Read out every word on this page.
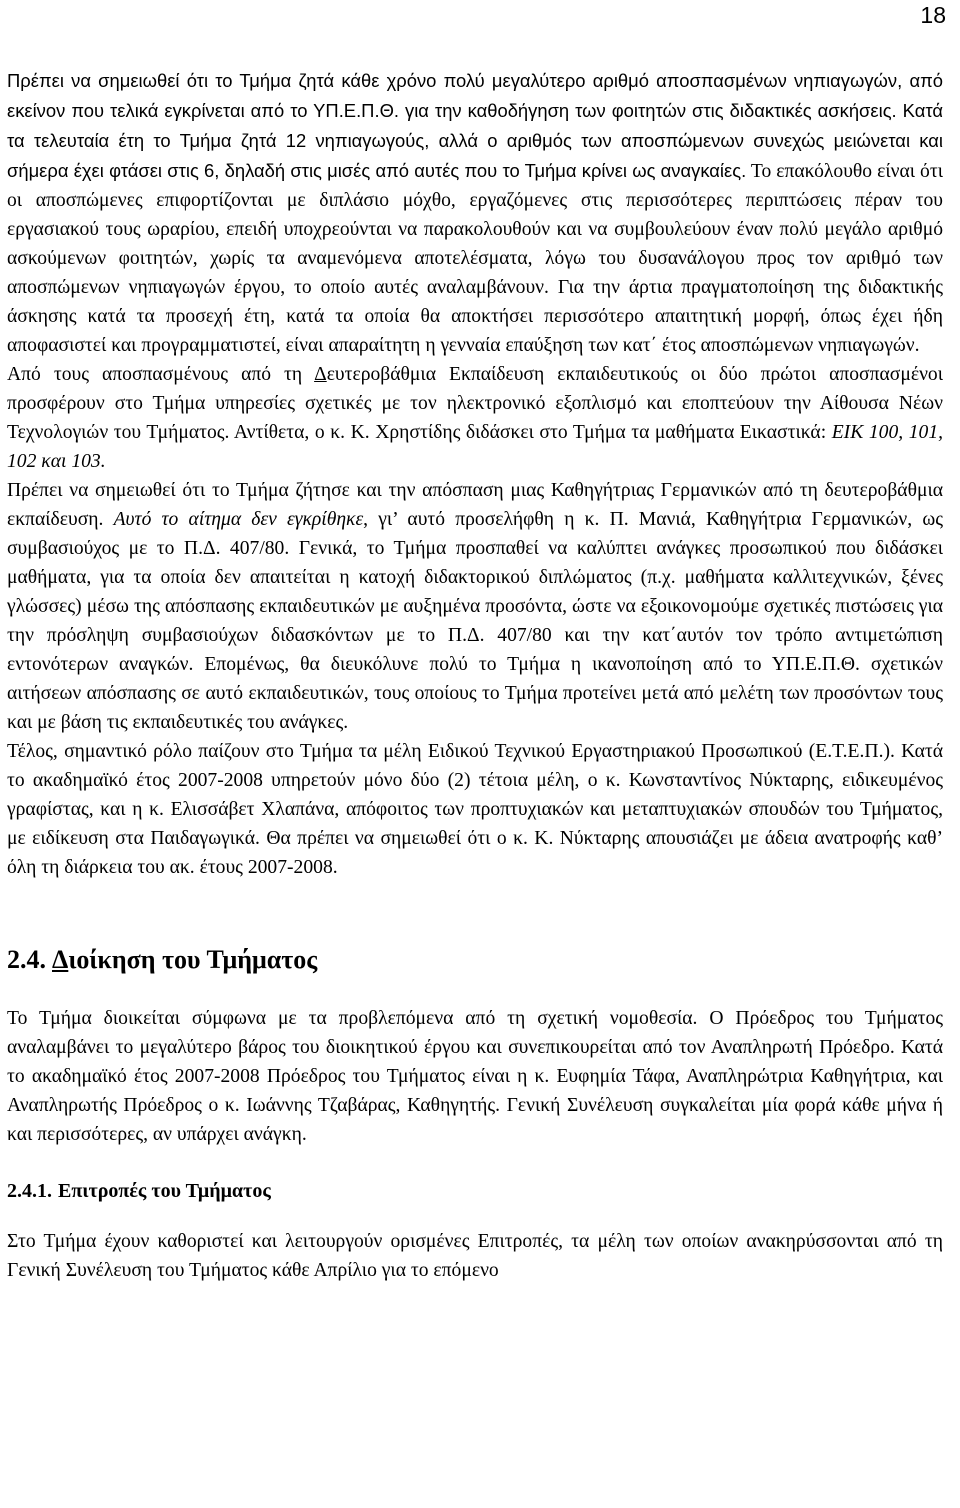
18

Πρέπει να σημειωθεί ότι το Τμήμα ζητά κάθε χρόνο πολύ μεγαλύτερο αριθμό αποσπασμένων νηπιαγωγών, από εκείνον που τελικά εγκρίνεται από το ΥΠ.Ε.Π.Θ. για την καθοδήγηση των φοιτητών στις διδακτικές ασκήσεις. Κατά τα τελευταία έτη το Τμήμα ζητά 12 νηπιαγωγούς, αλλά ο αριθμός των αποσπώμενων συνεχώς μειώνεται και σήμερα έχει φτάσει στις 6, δηλαδή στις μισές από αυτές που το Τμήμα κρίνει ως αναγκαίες. Το επακόλουθο είναι ότι οι αποσπώμενες επιφορτίζονται με διπλάσιο μόχθο, εργαζόμενες στις περισσότερες περιπτώσεις πέραν του εργασιακού τους ωραρίου, επειδή υποχρεούνται να παρακολουθούν και να συμβουλεύουν έναν πολύ μεγάλο αριθμό ασκούμενων φοιτητών, χωρίς τα αναμενόμενα αποτελέσματα, λόγω του δυσανάλογου προς τον αριθμό των αποσπώμενων νηπιαγωγών έργου, το οποίο αυτές αναλαμβάνουν. Για την άρτια πραγματοποίηση της διδακτικής άσκησης κατά τα προσεχή έτη, κατά τα οποία θα αποκτήσει περισσότερο απαιτητική μορφή, όπως έχει ήδη αποφασιστεί και προγραμματιστεί, είναι απαραίτητη η γενναία επαύξηση των κατ΄ έτος αποσπώμενων νηπιαγωγών.

Από τους αποσπασμένους από τη Δευτεροβάθμια Εκπαίδευση εκπαιδευτικούς οι δύο πρώτοι αποσπασμένοι προσφέρουν στο Τμήμα υπηρεσίες σχετικές με τον ηλεκτρονικό εξοπλισμό και εποπτεύουν την Αίθουσα Νέων Τεχνολογιών του Τμήματος. Αντίθετα, ο κ. Κ. Χρηστίδης διδάσκει στο Τμήμα τα μαθήματα Εικαστικά: ΕΙΚ 100, 101, 102 και 103.

Πρέπει να σημειωθεί ότι το Τμήμα ζήτησε και την απόσπαση μιας Καθηγήτριας Γερμανικών από τη δευτεροβάθμια εκπαίδευση. Αυτό το αίτημα δεν εγκρίθηκε, γι’ αυτό προσελήφθη η κ. Π. Μανιά, Καθηγήτρια Γερμανικών, ως συμβασιούχος με το Π.Δ. 407/80. Γενικά, το Τμήμα προσπαθεί να καλύπτει ανάγκες προσωπικού που διδάσκει μαθήματα, για τα οποία δεν απαιτείται η κατοχή διδακτορικού διπλώματος (π.χ. μαθήματα καλλιτεχνικών, ξένες γλώσσες) μέσω της απόσπασης εκπαιδευτικών με αυξημένα προσόντα, ώστε να εξοικονομούμε σχετικές πιστώσεις για την πρόσληψη συμβασιούχων διδασκόντων με το Π.Δ. 407/80 και την κατ΄αυτόν τον τρόπο αντιμετώπιση εντονότερων αναγκών. Επομένως, θα διευκόλυνε πολύ το Τμήμα η ικανοποίηση από το ΥΠ.Ε.Π.Θ. σχετικών αιτήσεων απόσπασης σε αυτό εκπαιδευτικών, τους οποίους το Τμήμα προτείνει μετά από μελέτη των προσόντων τους και με βάση τις εκπαιδευτικές του ανάγκες.

Τέλος, σημαντικό ρόλο παίζουν στο Τμήμα τα μέλη Ειδικού Τεχνικού Εργαστηριακού Προσωπικού (Ε.Τ.Ε.Π.). Κατά το ακαδημαϊκό έτος 2007-2008 υπηρετούν μόνο δύο (2) τέτοια μέλη, ο κ. Κωνσταντίνος Νύκταρης, ειδικευμένος γραφίστας, και η κ. Ελισσάβετ Χλαπάνα, απόφοιτος των προπτυχιακών και μεταπτυχιακών σπουδών του Τμήματος, με ειδίκευση στα Παιδαγωγικά. Θα πρέπει να σημειωθεί ότι ο κ. Κ. Νύκταρης απουσιάζει με άδεια ανατροφής καθ’ όλη τη διάρκεια του ακ. έτους 2007-2008.

2.4. Διοίκηση του Τμήματος

Το Τμήμα διοικείται σύμφωνα με τα προβλεπόμενα από τη σχετική νομοθεσία. Ο Πρόεδρος του Τμήματος αναλαμβάνει το μεγαλύτερο βάρος του διοικητικού έργου και συνεπικουρείται από τον Αναπληρωτή Πρόεδρο. Κατά το ακαδημαϊκό έτος 2007-2008 Πρόεδρος του Τμήματος είναι η κ. Ευφημία Τάφα, Αναπληρώτρια Καθηγήτρια, και Αναπληρωτής Πρόεδρος ο κ. Ιωάννης Τζαβάρας, Καθηγητής. Γενική Συνέλευση συγκαλείται μία φορά κάθε μήνα ή και περισσότερες, αν υπάρχει ανάγκη.

2.4.1. Επιτροπές του Τμήματος

Στο Τμήμα έχουν καθοριστεί και λειτουργούν ορισμένες Επιτροπές, τα μέλη των οποίων ανακηρύσσονται από τη Γενική Συνέλευση του Τμήματος κάθε Απρίλιο για το επόμενο
